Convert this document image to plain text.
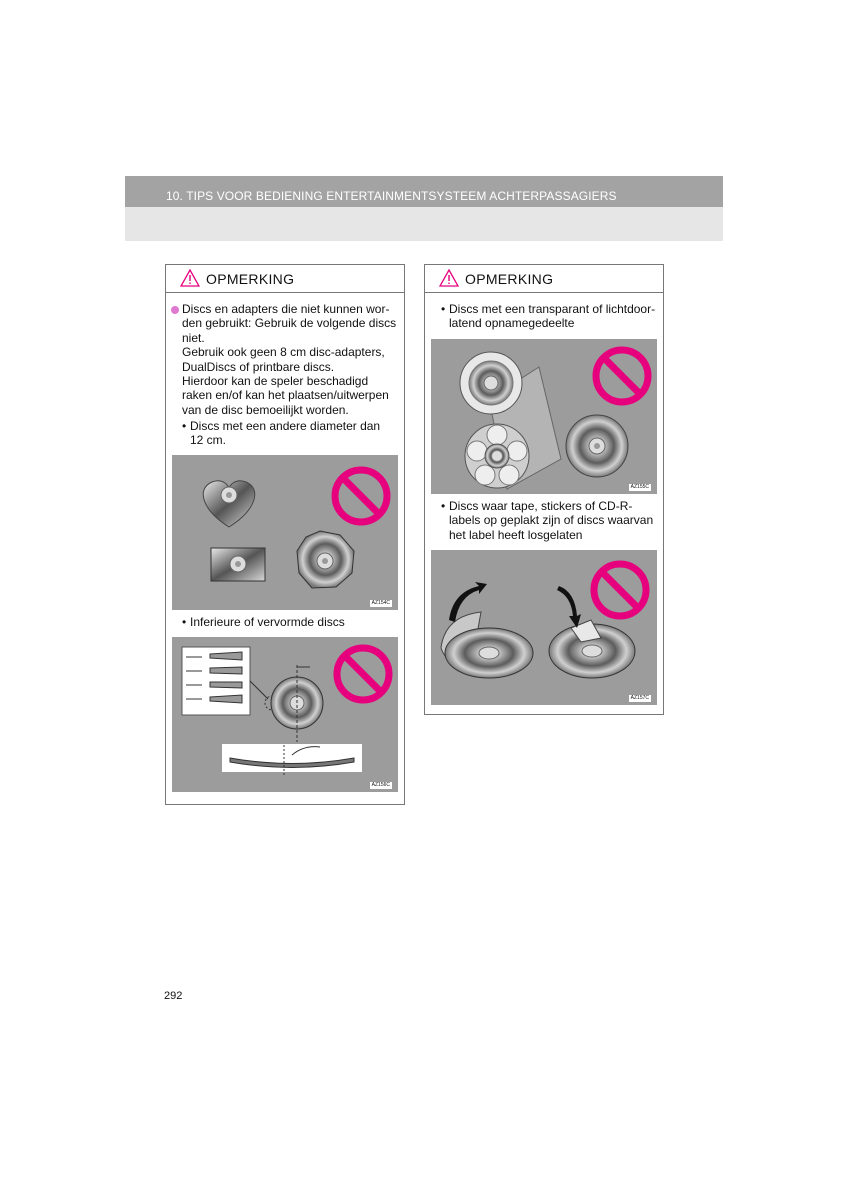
10. TIPS VOOR BEDIENING ENTERTAINMENTSYSTEEM ACHTERPASSAGIERS
OPMERKING
Discs en adapters die niet kunnen wor-
den gebruikt: Gebruik de volgende discs
niet.
Gebruik ook geen 8 cm disc-adapters,
DualDiscs of printbare discs.
Hierdoor kan de speler beschadigd
raken en/of kan het plaatsen/uitwerpen
van de disc bemoeilijkt worden.
• Discs met een andere diameter dan
12 cm.
AZ154C
• Inferieure of vervormde discs
AZ156C
OPMERKING
• Discs met een transparant of lichtdoor-
latend opnamegedeelte
AZ155C
• Discs waar tape, stickers of CD-R-
labels op geplakt zijn of discs waarvan
het label heeft losgelaten
AZ157C
292
